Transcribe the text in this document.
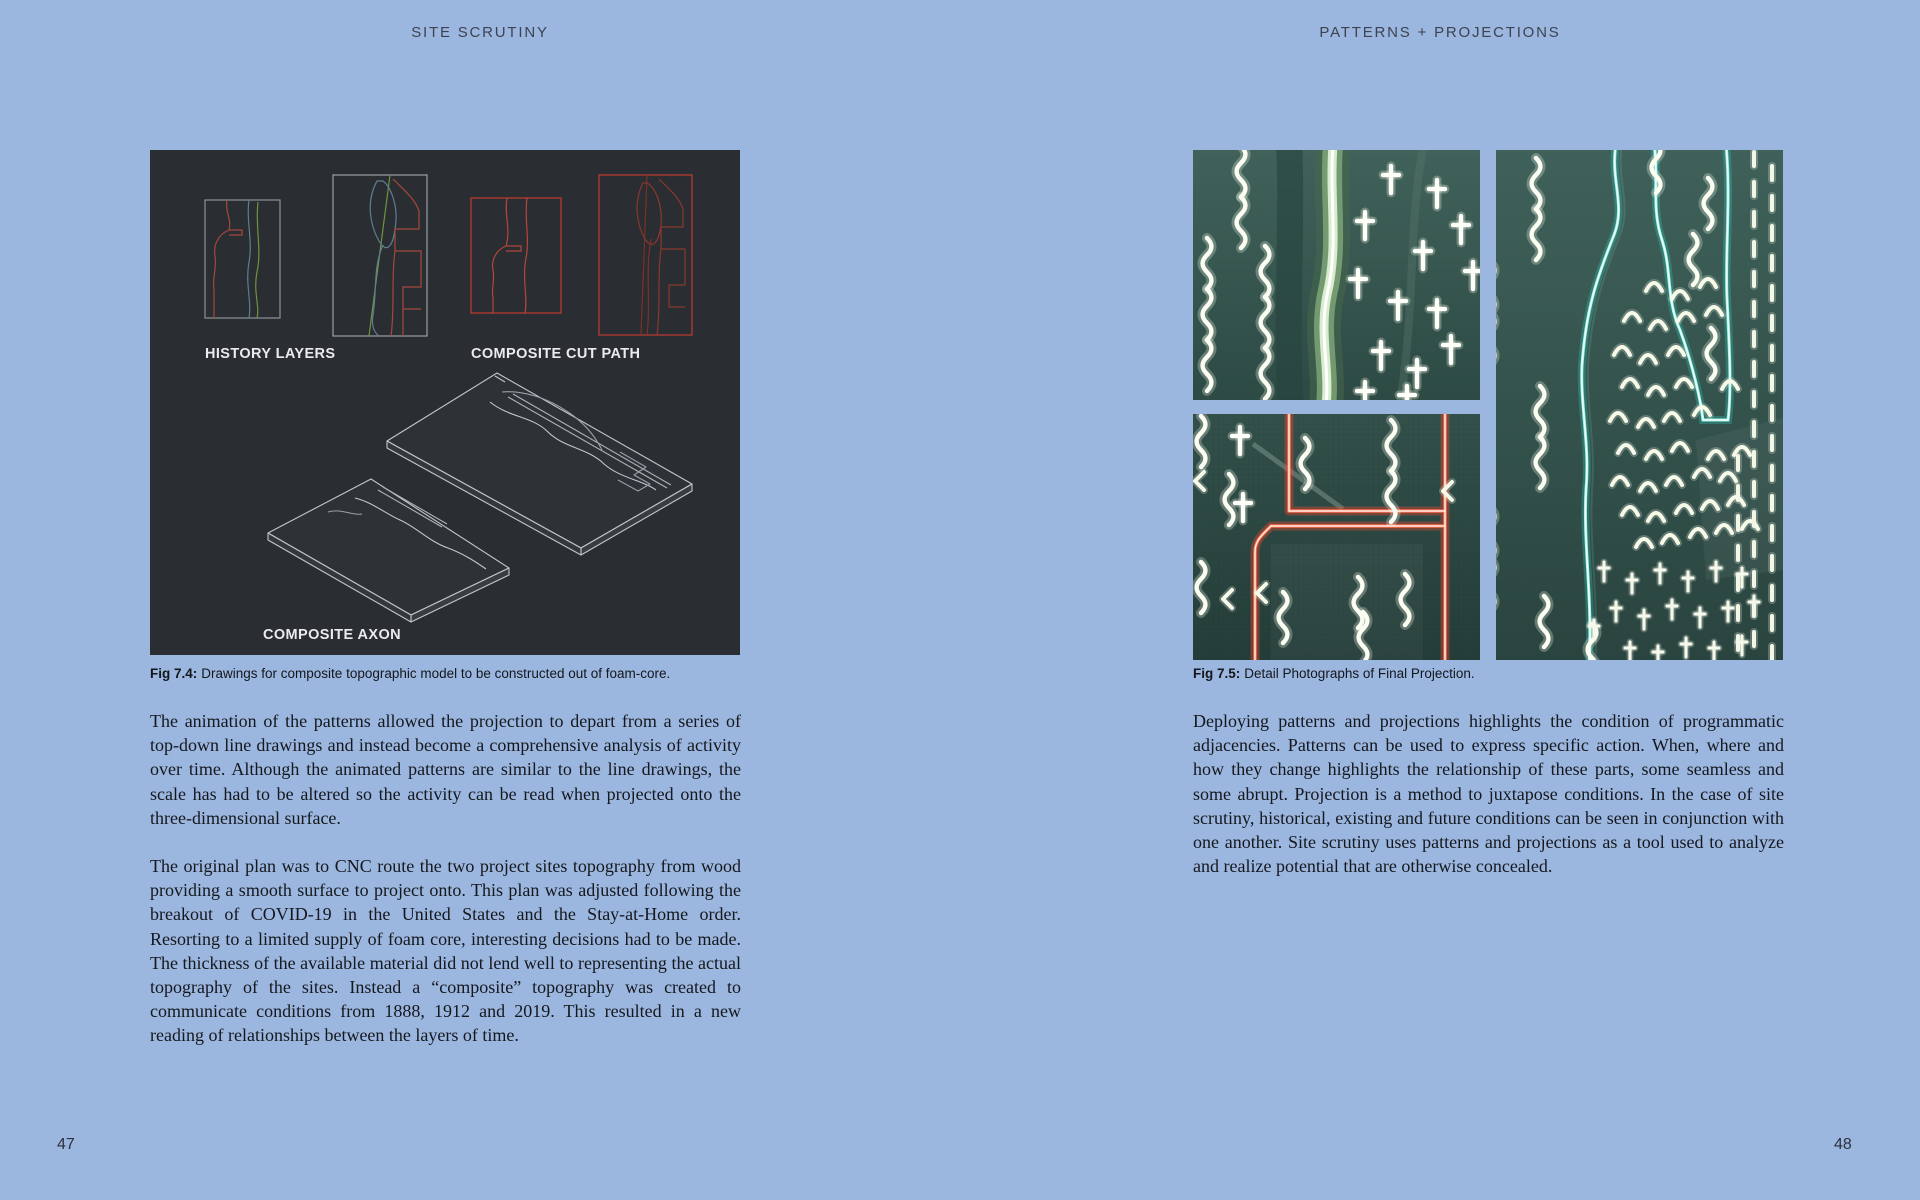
SITE SCRUTINY	PATTERNS + PROJECTIONS
HISTORY LAYERS	COMPOSITE CUT PATH
COMPOSITE AXON
Fig 7.4: Drawings for composite topographic model to be constructed out of foam-core.

The animation of the patterns allowed the projection to depart from a series of top-down line drawings and instead become a comprehensive analysis of activity over time. Although the animated patterns are similar to the line drawings, the scale has had to be altered so the activity can be read when projected onto the three-dimensional surface.

The original plan was to CNC route the two project sites topography from wood providing a smooth surface to project onto. This plan was adjusted following the breakout of COVID-19 in the United States and the Stay-at-Home order. Resorting to a limited supply of foam core, interesting decisions had to be made. The thickness of the available material did not lend well to representing the actual topography of the sites. Instead a “composite” topography was created to communicate conditions from 1888, 1912 and 2019. This resulted in a new reading of relationships between the layers of time.

47
Fig 7.5: Detail Photographs of Final Projection.

Deploying patterns and projections highlights the condition of programmatic adjacencies. Patterns can be used to express specific action. When, where and how they change highlights the relationship of these parts, some seamless and some abrupt. Projection is a method to juxtapose conditions. In the case of site scrutiny, historical, existing and future conditions can be seen in conjunction with one another. Site scrutiny uses patterns and projections as a tool used to analyze and realize potential that are otherwise concealed.

48
